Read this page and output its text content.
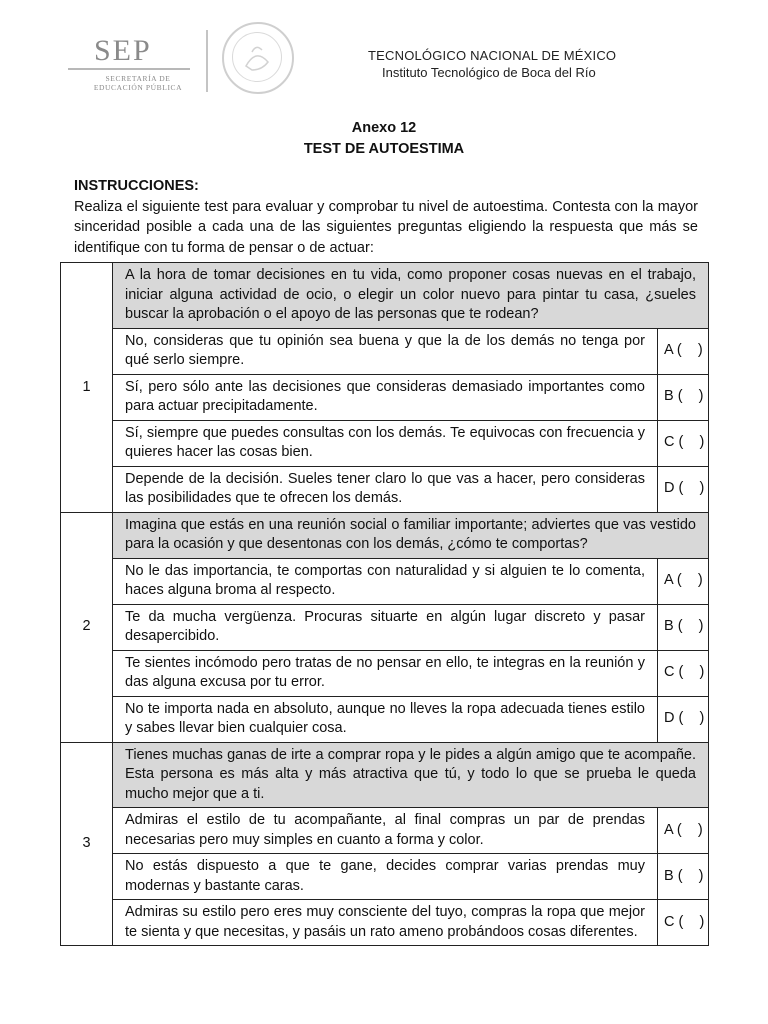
SEP
SECRETARÍA DE EDUCACIÓN PÚBLICA
TECNOLÓGICO NACIONAL DE MÉXICO
Instituto Tecnológico de Boca del Río
Anexo 12
TEST DE AUTOESTIMA
INSTRUCCIONES:
Realiza el siguiente test para evaluar y comprobar tu nivel de autoestima. Contesta con la mayor sinceridad posible a cada una de las siguientes preguntas eligiendo la respuesta que más se identifique con tu forma de pensar o de actuar:
1	A la hora de tomar decisiones en tu vida, como proponer cosas nuevas en el trabajo, iniciar alguna actividad de ocio, o elegir un color nuevo para pintar tu casa, ¿sueles buscar la aprobación o el apoyo de las personas que te rodean?	
	No, consideras que tu opinión sea buena y que la de los demás no tenga por qué serlo siempre.	A (    )
	Sí, pero sólo ante las decisiones que consideras demasiado importantes como para actuar precipitadamente.	B (    )
	Sí, siempre que puedes consultas con los demás. Te equivocas con frecuencia y quieres hacer las cosas bien.	C (    )
	Depende de la decisión. Sueles tener claro lo que vas a hacer, pero consideras las posibilidades que te ofrecen los demás.	D (    )
2	Imagina que estás en una reunión social o familiar importante; adviertes que vas vestido para la ocasión y que desentonas con los demás, ¿cómo te comportas?	
	No le das importancia, te comportas con naturalidad y si alguien te lo comenta, haces alguna broma al respecto.	A (    )
	Te da mucha vergüenza. Procuras situarte en algún lugar discreto y pasar desapercibido.	B (    )
	Te sientes incómodo pero tratas de no pensar en ello, te integras en la reunión y das alguna excusa por tu error.	C (    )
	No te importa nada en absoluto, aunque no lleves la ropa adecuada tienes estilo y sabes llevar bien cualquier cosa.	D (    )
3	Tienes muchas ganas de irte a comprar ropa y le pides a algún amigo que te acompañe. Esta persona es más alta y más atractiva que tú, y todo lo que se prueba le queda mucho mejor que a ti.	
	Admiras el estilo de tu acompañante, al final compras un par de prendas necesarias pero muy simples en cuanto a forma y color.	A (    )
	No estás dispuesto a que te gane, decides comprar varias prendas muy modernas y bastante caras.	B (    )
	Admiras su estilo pero eres muy consciente del tuyo, compras la ropa que mejor te sienta y que necesitas, y pasáis un rato ameno probándoos cosas diferentes.	C (    )
